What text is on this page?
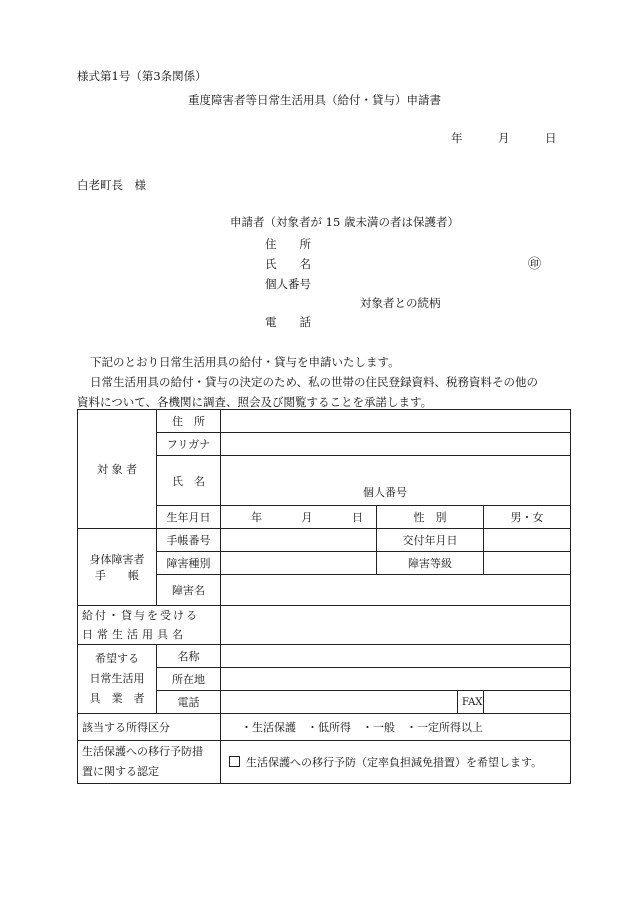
様式第1号（第3条関係）
重度障害者等日常生活用具（給付・貸与）申請書
年	月	日
白老町長　様
申請者（対象者が 15 歳未満の者は保護者）
住　　所
氏　　名	㊞
個人番号
対象者との続柄
電　　話
下記のとおり日常生活用具の給付・貸与を申請いたします。
日常生活用具の給付・貸与の決定のため、私の世帯の住民登録資料、税務資料その他の
資料について、各機関に調査、照会及び閲覧することを承諾します。
対 象 者	住　所				
	フリガナ				
	氏　名	個人番号			
	生年月日	年 月 日	性　別		男・女

身体障害者
手　　帳	手帳番号		交付年月日		
	障害種別		障害等級		
	障害名				

給付・貸与を受ける
日常生活用具名					

希望する
日常生活用
具　業　者	名称				
	所在地				
	電話			FAX	
該当する所得区分		・生活保護　・低所得　・一般　・一定所得以上			

生活保護への移行予防措
置に関する認定		生活保護への移行予防（定率負担減免措置）を希望します。			
